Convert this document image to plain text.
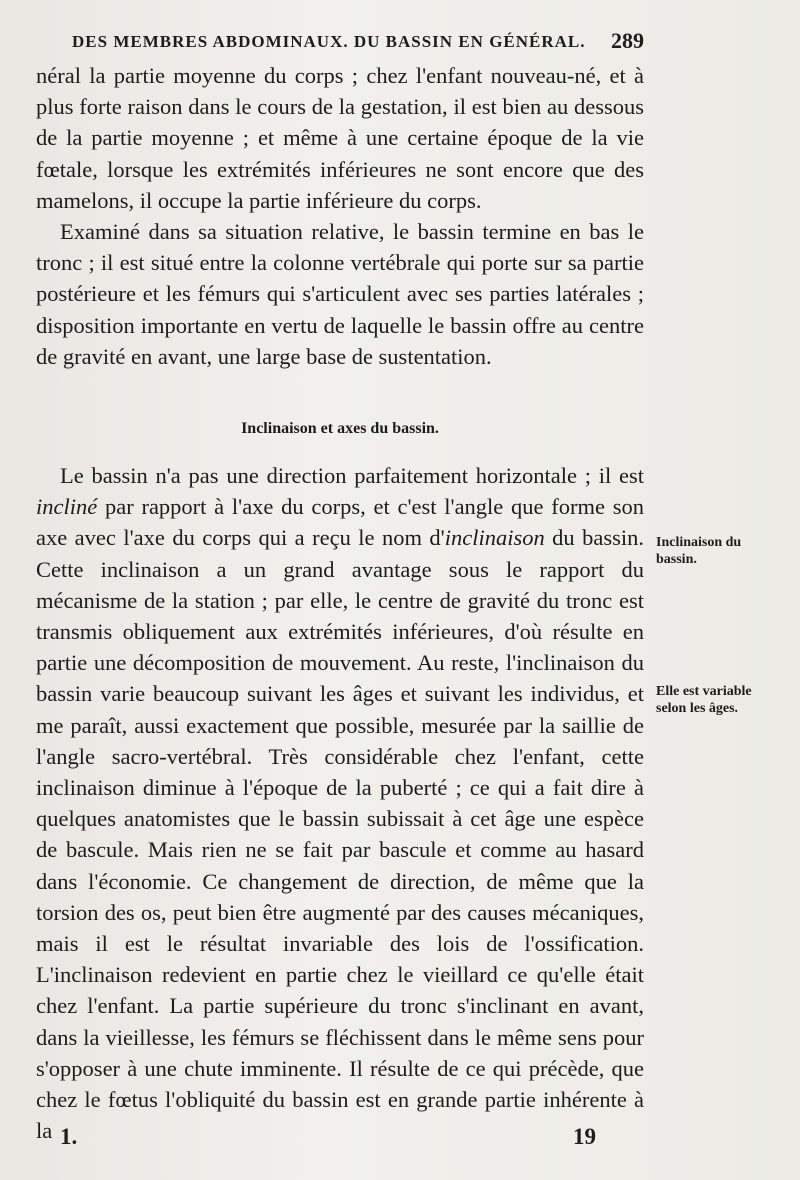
DES MEMBRES ABDOMINAUX. DU BASSIN EN GÉNÉRAL. 289

néral la partie moyenne du corps ; chez l'enfant nouveau-né, et à plus forte raison dans le cours de la gestation, il est bien au dessous de la partie moyenne ; et même à une certaine époque de la vie fœtale, lorsque les extrémités inférieures ne sont encore que des mamelons, il occupe la partie inférieure du corps.

Examiné dans sa situation relative, le bassin termine en bas le tronc ; il est situé entre la colonne vertébrale qui porte sur sa partie postérieure et les fémurs qui s'articulent avec ses parties latérales ; disposition importante en vertu de laquelle le bassin offre au centre de gravité en avant, une large base de sustentation.

Inclinaison et axes du bassin.

Le bassin n'a pas une direction parfaitement horizontale ; il est incliné par rapport à l'axe du corps, et c'est l'angle que forme son axe avec l'axe du corps qui a reçu le nom d'inclinaison du bassin. Cette inclinaison a un grand avantage sous le rapport du mécanisme de la station ; par elle, le centre de gravité du tronc est transmis obliquement aux extrémités inférieures, d'où résulte en partie une décomposition de mouvement. Au reste, l'inclinaison du bassin varie beaucoup suivant les âges et suivant les individus, et me paraît, aussi exactement que possible, mesurée par la saillie de l'angle sacro-vertébral. Très considérable chez l'enfant, cette inclinaison diminue à l'époque de la puberté ; ce qui a fait dire à quelques anatomistes que le bassin subissait à cet âge une espèce de bascule. Mais rien ne se fait par bascule et comme au hasard dans l'économie. Ce changement de direction, de même que la torsion des os, peut bien être augmenté par des causes mécaniques, mais il est le résultat invariable des lois de l'ossification. L'inclinaison redevient en partie chez le vieillard ce qu'elle était chez l'enfant. La partie supérieure du tronc s'inclinant en avant, dans la vieillesse, les fémurs se fléchissent dans le même sens pour s'opposer à une chute imminente. Il résulte de ce qui précède, que chez le fœtus l'obliquité du bassin est en grande partie inhérente à la

Inclinaison du bassin.
Elle est variable selon les âges.
1.	19
